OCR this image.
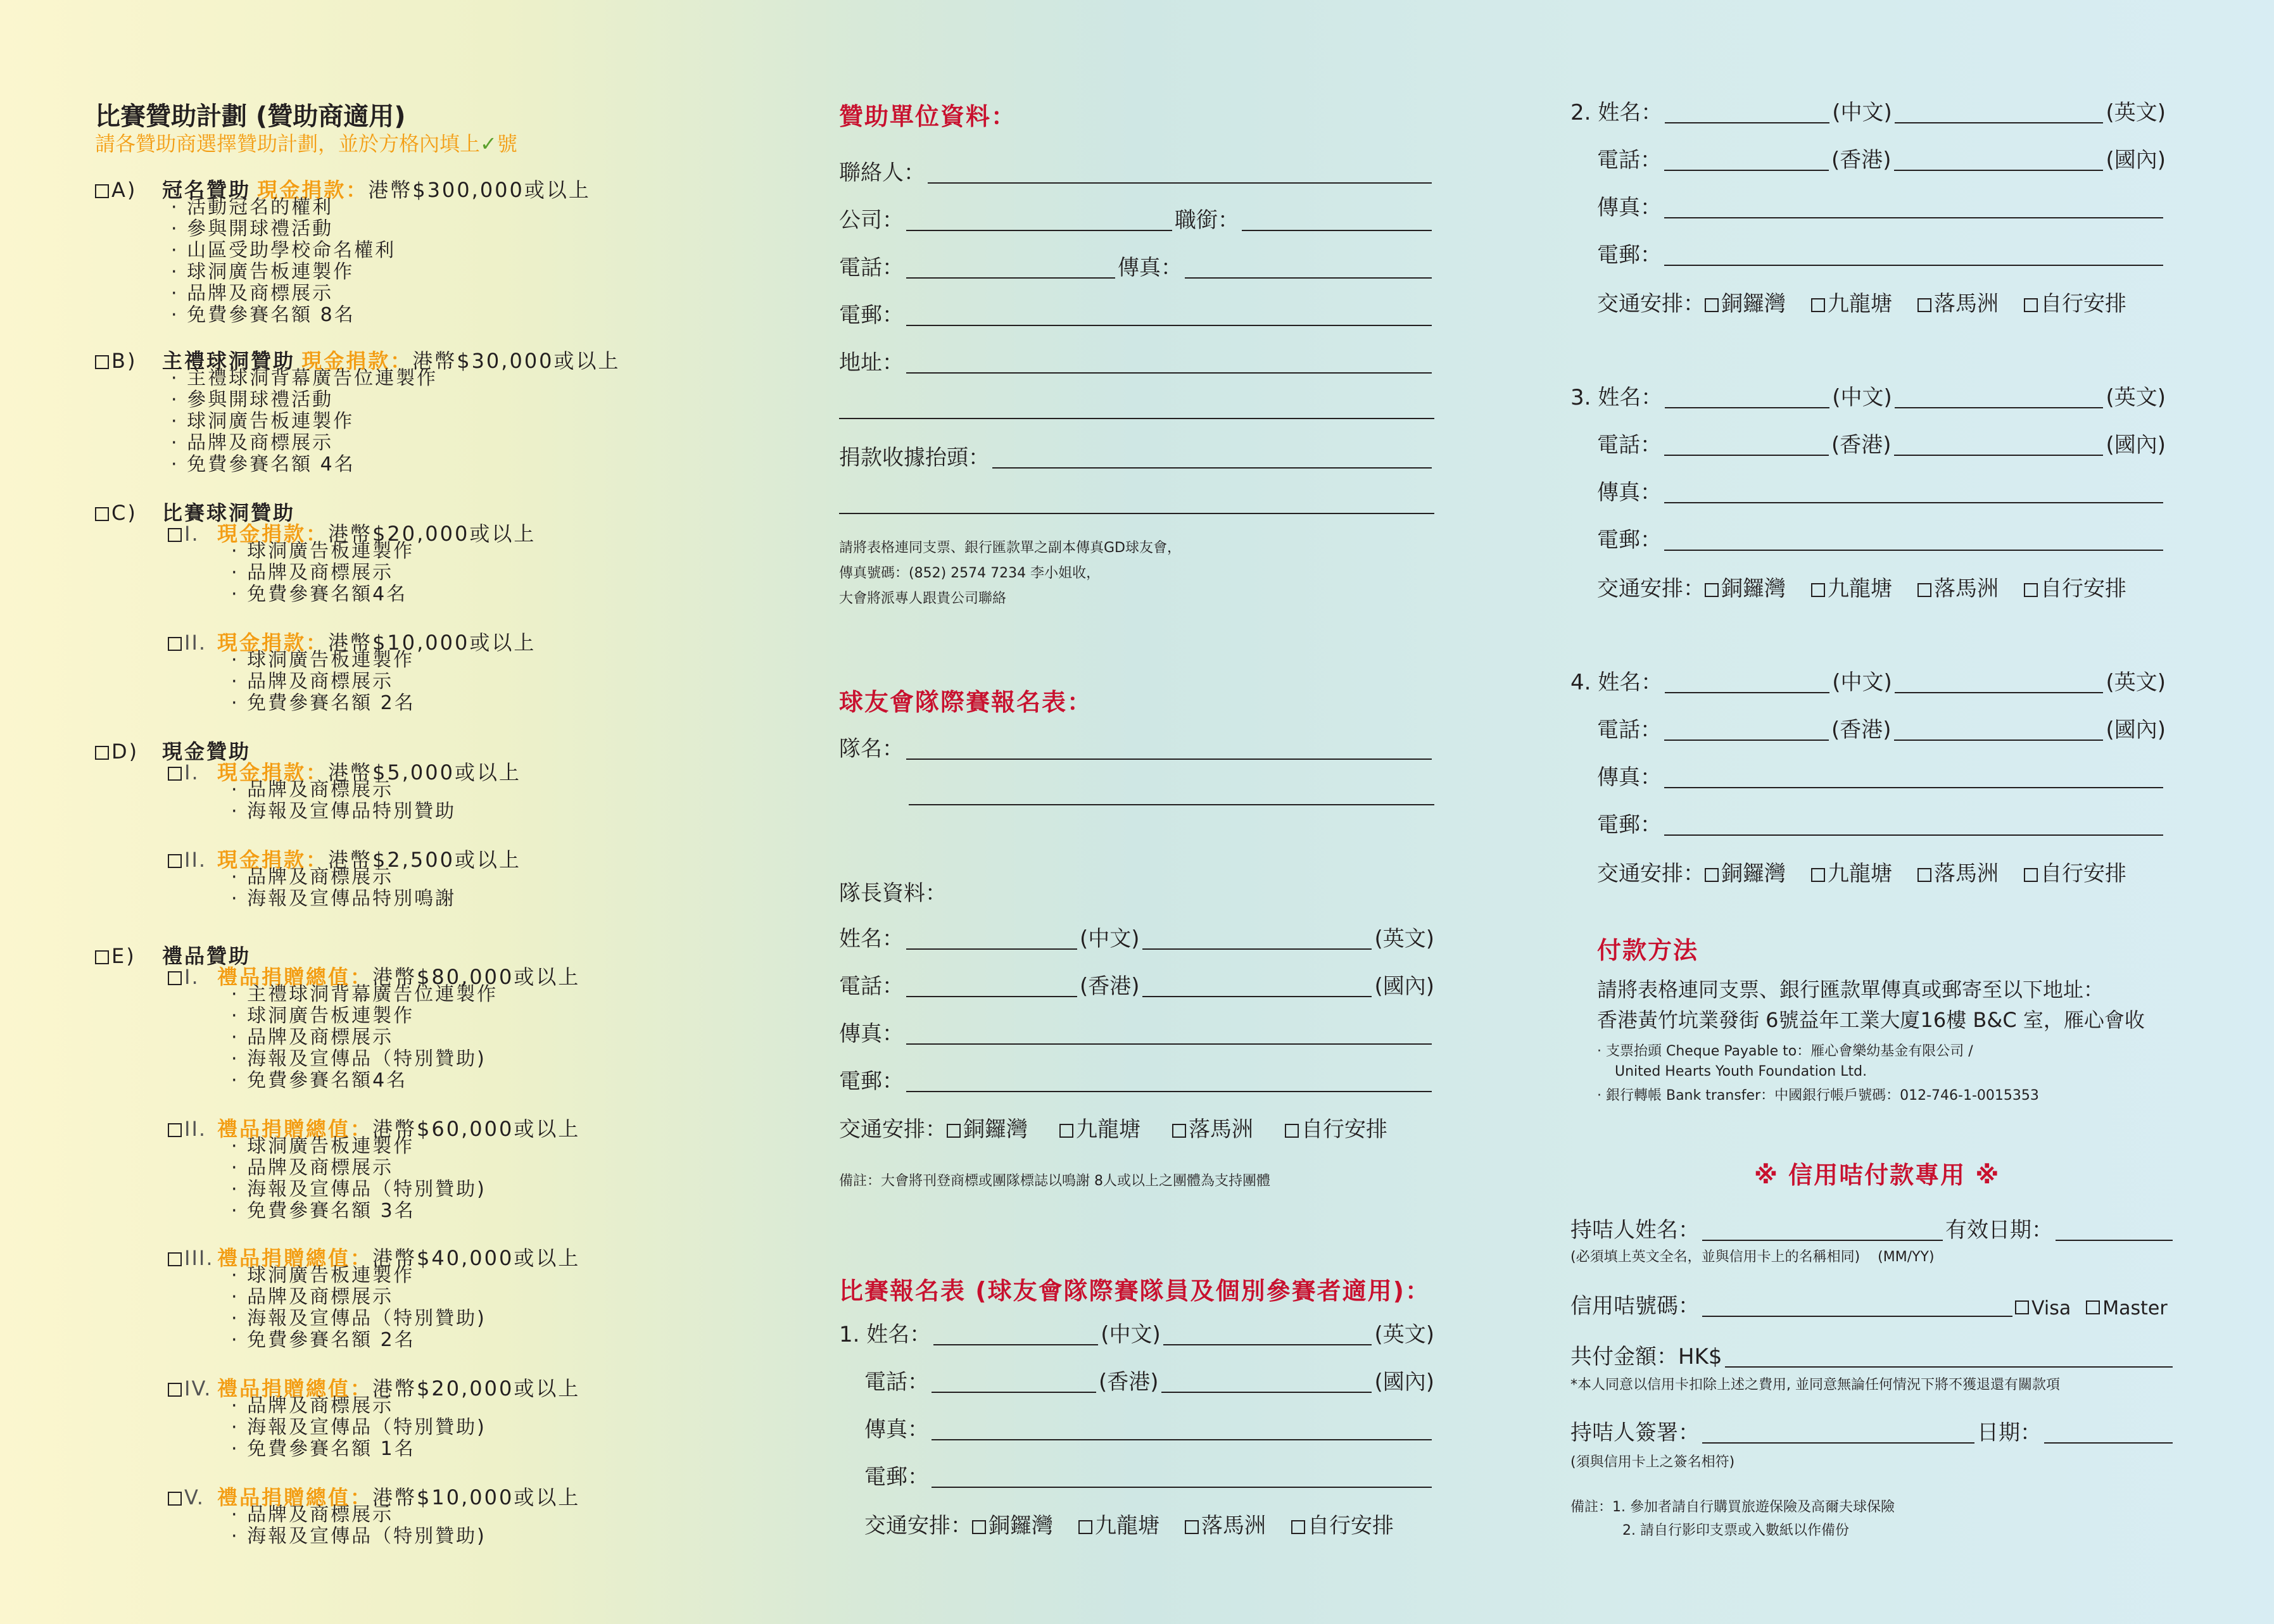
比賽贊助計劃 (贊助商適用)
請各贊助商選擇贊助計劃，並於方格內填上✓號
A) 冠名贊助 現金捐款：港幣$300,000或以上
· 活動冠名的權利
· 參與開球禮活動
· 山區受助學校命名權利
· 球洞廣告板連製作
· 品牌及商標展示
· 免費參賽名額 8名
B) 主禮球洞贊助 現金捐款：港幣$30,000或以上
· 主禮球洞背幕廣告位連製作
· 參與開球禮活動
· 球洞廣告板連製作
· 品牌及商標展示
· 免費參賽名額 4名
C) 比賽球洞贊助
I. 現金捐款：港幣$20,000或以上
· 球洞廣告板連製作
· 品牌及商標展示
· 免費參賽名額4名
II. 現金捐款：港幣$10,000或以上
· 球洞廣告板連製作
· 品牌及商標展示
· 免費參賽名額 2名
D) 現金贊助
I. 現金捐款：港幣$5,000或以上
· 品牌及商標展示
· 海報及宣傳品特別贊助
II. 現金捐款：港幣$2,500或以上
· 品牌及商標展示
· 海報及宣傳品特別鳴謝
E) 禮品贊助
I. 禮品捐贈總值：港幣$80,000或以上
· 主禮球洞背幕廣告位連製作
· 球洞廣告板連製作
· 品牌及商標展示
· 海報及宣傳品（特別贊助)
· 免費參賽名額4名
II. 禮品捐贈總值：港幣$60,000或以上
· 球洞廣告板連製作
· 品牌及商標展示
· 海報及宣傳品（特別贊助)
· 免費參賽名額 3名
III. 禮品捐贈總值：港幣$40,000或以上
· 球洞廣告板連製作
· 品牌及商標展示
· 海報及宣傳品（特別贊助)
· 免費參賽名額 2名
IV. 禮品捐贈總值：港幣$20,000或以上
· 品牌及商標展示
· 海報及宣傳品（特別贊助)
· 免費參賽名額 1名
V. 禮品捐贈總值：港幣$10,000或以上
· 品牌及商標展示
· 海報及宣傳品（特別贊助)
贊助單位資料：
聯絡人：
公司：	職銜：
電話：	傳真：
電郵：
地址：
捐款收據抬頭：
請將表格連同支票、銀行匯款單之副本傳真GD球友會，
傳真號碼：(852) 2574 7234 李小姐收，
大會將派專人跟貴公司聯絡
球友會隊際賽報名表：
隊名：
隊長資料：
姓名：	(中文)	(英文)
電話：	(香港)	(國內)
傳真：
電郵：
交通安排： 銅鑼灣 九龍塘 落馬洲 自行安排
備註：大會將刊登商標或團隊標誌以鳴謝 8人或以上之團體為支持團體
比賽報名表 (球友會隊際賽隊員及個別參賽者適用)：
1. 姓名：	(中文)	(英文)
電話：	(香港)	(國內)
傳真：
電郵：
交通安排： 銅鑼灣 九龍塘 落馬洲 自行安排
2. 姓名：	(中文)	(英文)
電話：	(香港)	(國內)
傳真：
電郵：
交通安排： 銅鑼灣 九龍塘 落馬洲 自行安排
3. 姓名：	(中文)	(英文)
電話：	(香港)	(國內)
傳真：
電郵：
交通安排： 銅鑼灣 九龍塘 落馬洲 自行安排
4. 姓名：	(中文)	(英文)
電話：	(香港)	(國內)
傳真：
電郵：
交通安排： 銅鑼灣 九龍塘 落馬洲 自行安排
付款方法
請將表格連同支票、銀行匯款單傳真或郵寄至以下地址：
香港黃竹坑業發街 6號益年工業大廈16樓 B&C 室，雁心會收
· 支票抬頭 Cheque Payable to：雁心會樂幼基金有限公司 /
United Hearts Youth Foundation Ltd.
· 銀行轉帳 Bank transfer：中國銀行帳戶號碼：012-746-1-0015353
※ 信用咭付款專用 ※
持咭人姓名：	有效日期：
(必須填上英文全名，並與信用卡上的名稱相同) (MM/YY)
信用咭號碼：	Visa Master
共付金額：HK$
*本人同意以信用卡扣除上述之費用, 並同意無論任何情況下將不獲退還有關款項
持咭人簽署：	日期：
(須與信用卡上之簽名相符)
備註：1. 參加者請自行購買旅遊保險及高爾夫球保險
2. 請自行影印支票或入數紙以作備份
